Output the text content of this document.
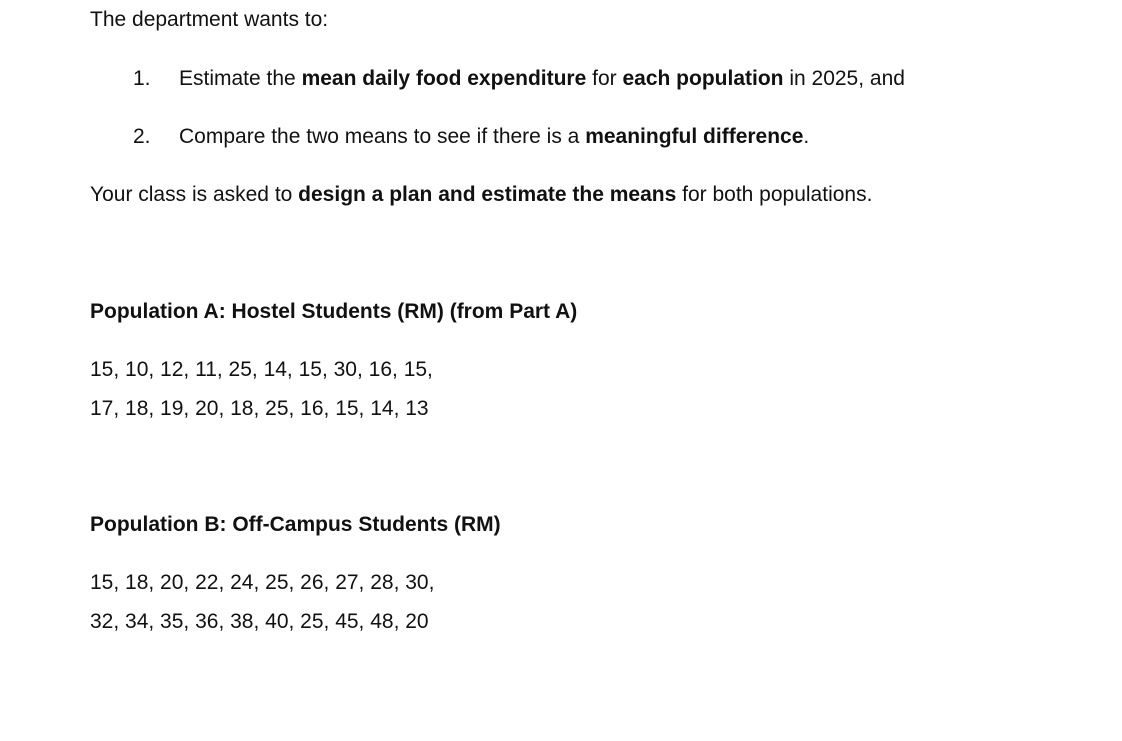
The department wants to:
1. Estimate the mean daily food expenditure for each population in 2025, and
2. Compare the two means to see if there is a meaningful difference.
Your class is asked to design a plan and estimate the means for both populations.
Population A: Hostel Students (RM) (from Part A)
15, 10, 12, 11, 25, 14, 15, 30, 16, 15,
17, 18, 19, 20, 18, 25, 16, 15, 14, 13
Population B: Off-Campus Students (RM)
15, 18, 20, 22, 24, 25, 26, 27, 28, 30,
32, 34, 35, 36, 38, 40, 25, 45, 48, 20
